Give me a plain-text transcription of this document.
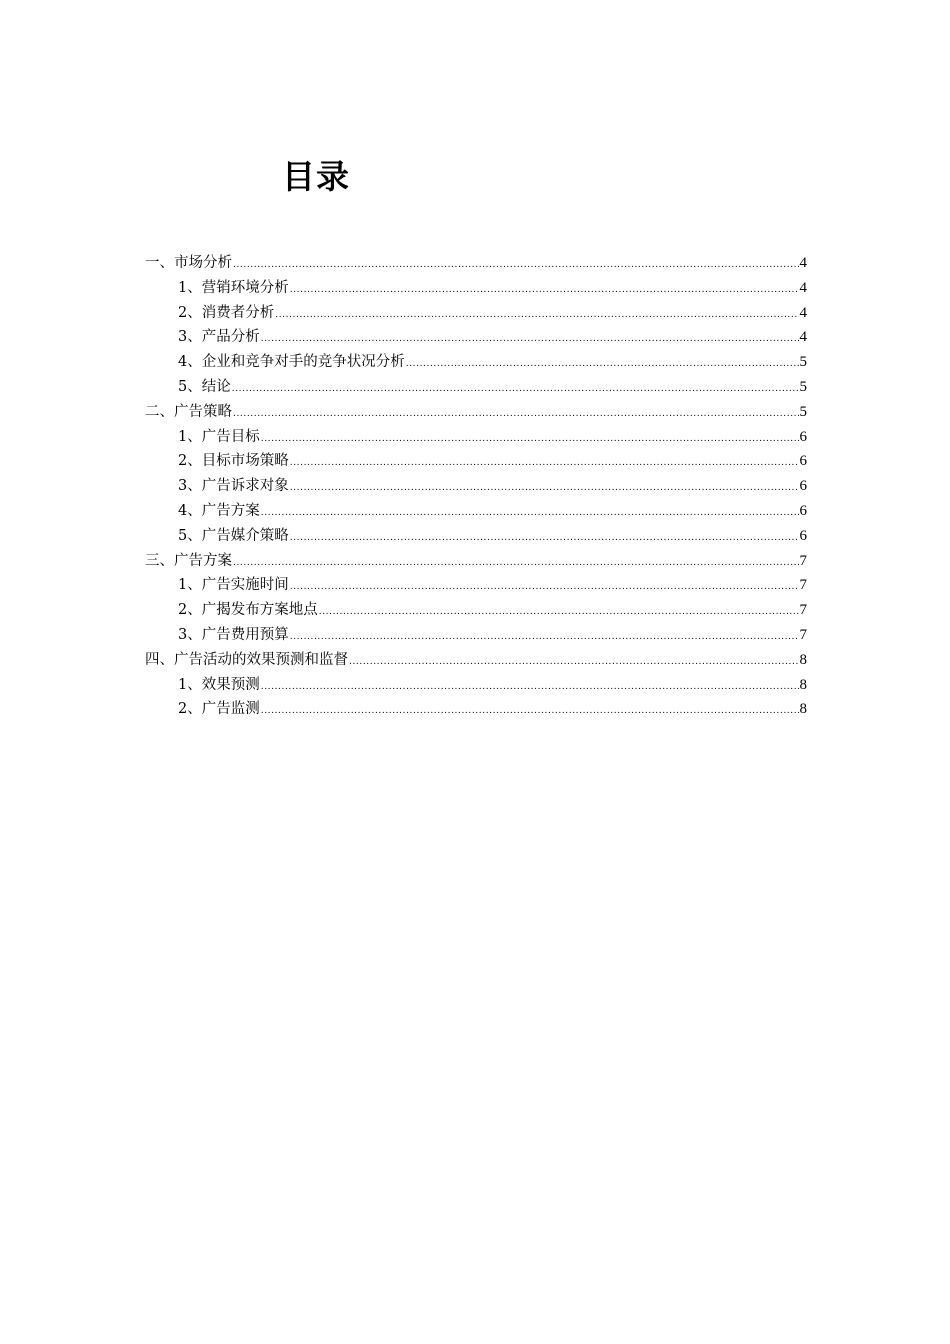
目录
一、市场分析 .....	4
1、营销环境分析 .....	4
2、消费者分析 .....	4
3、产品分析 .....	4
4、企业和竞争对手的竞争状况分析 .....	5
5、结论 .....	5
二、广告策略 .....	5
1、广告目标 .....	6
2、目标市场策略 .....	6
3、广告诉求对象 .....	6
4、广告方案 .....	6
5、广告媒介策略 .....	6
三、广告方案 .....	7
1、广告实施时间 .....	7
2、广揭发布方案地点 .....	7
3、广告费用预算 .....	7
四、广告活动的效果预测和监督 .....	8
1、效果预测 .....	8
2、广告监测 .....	8
